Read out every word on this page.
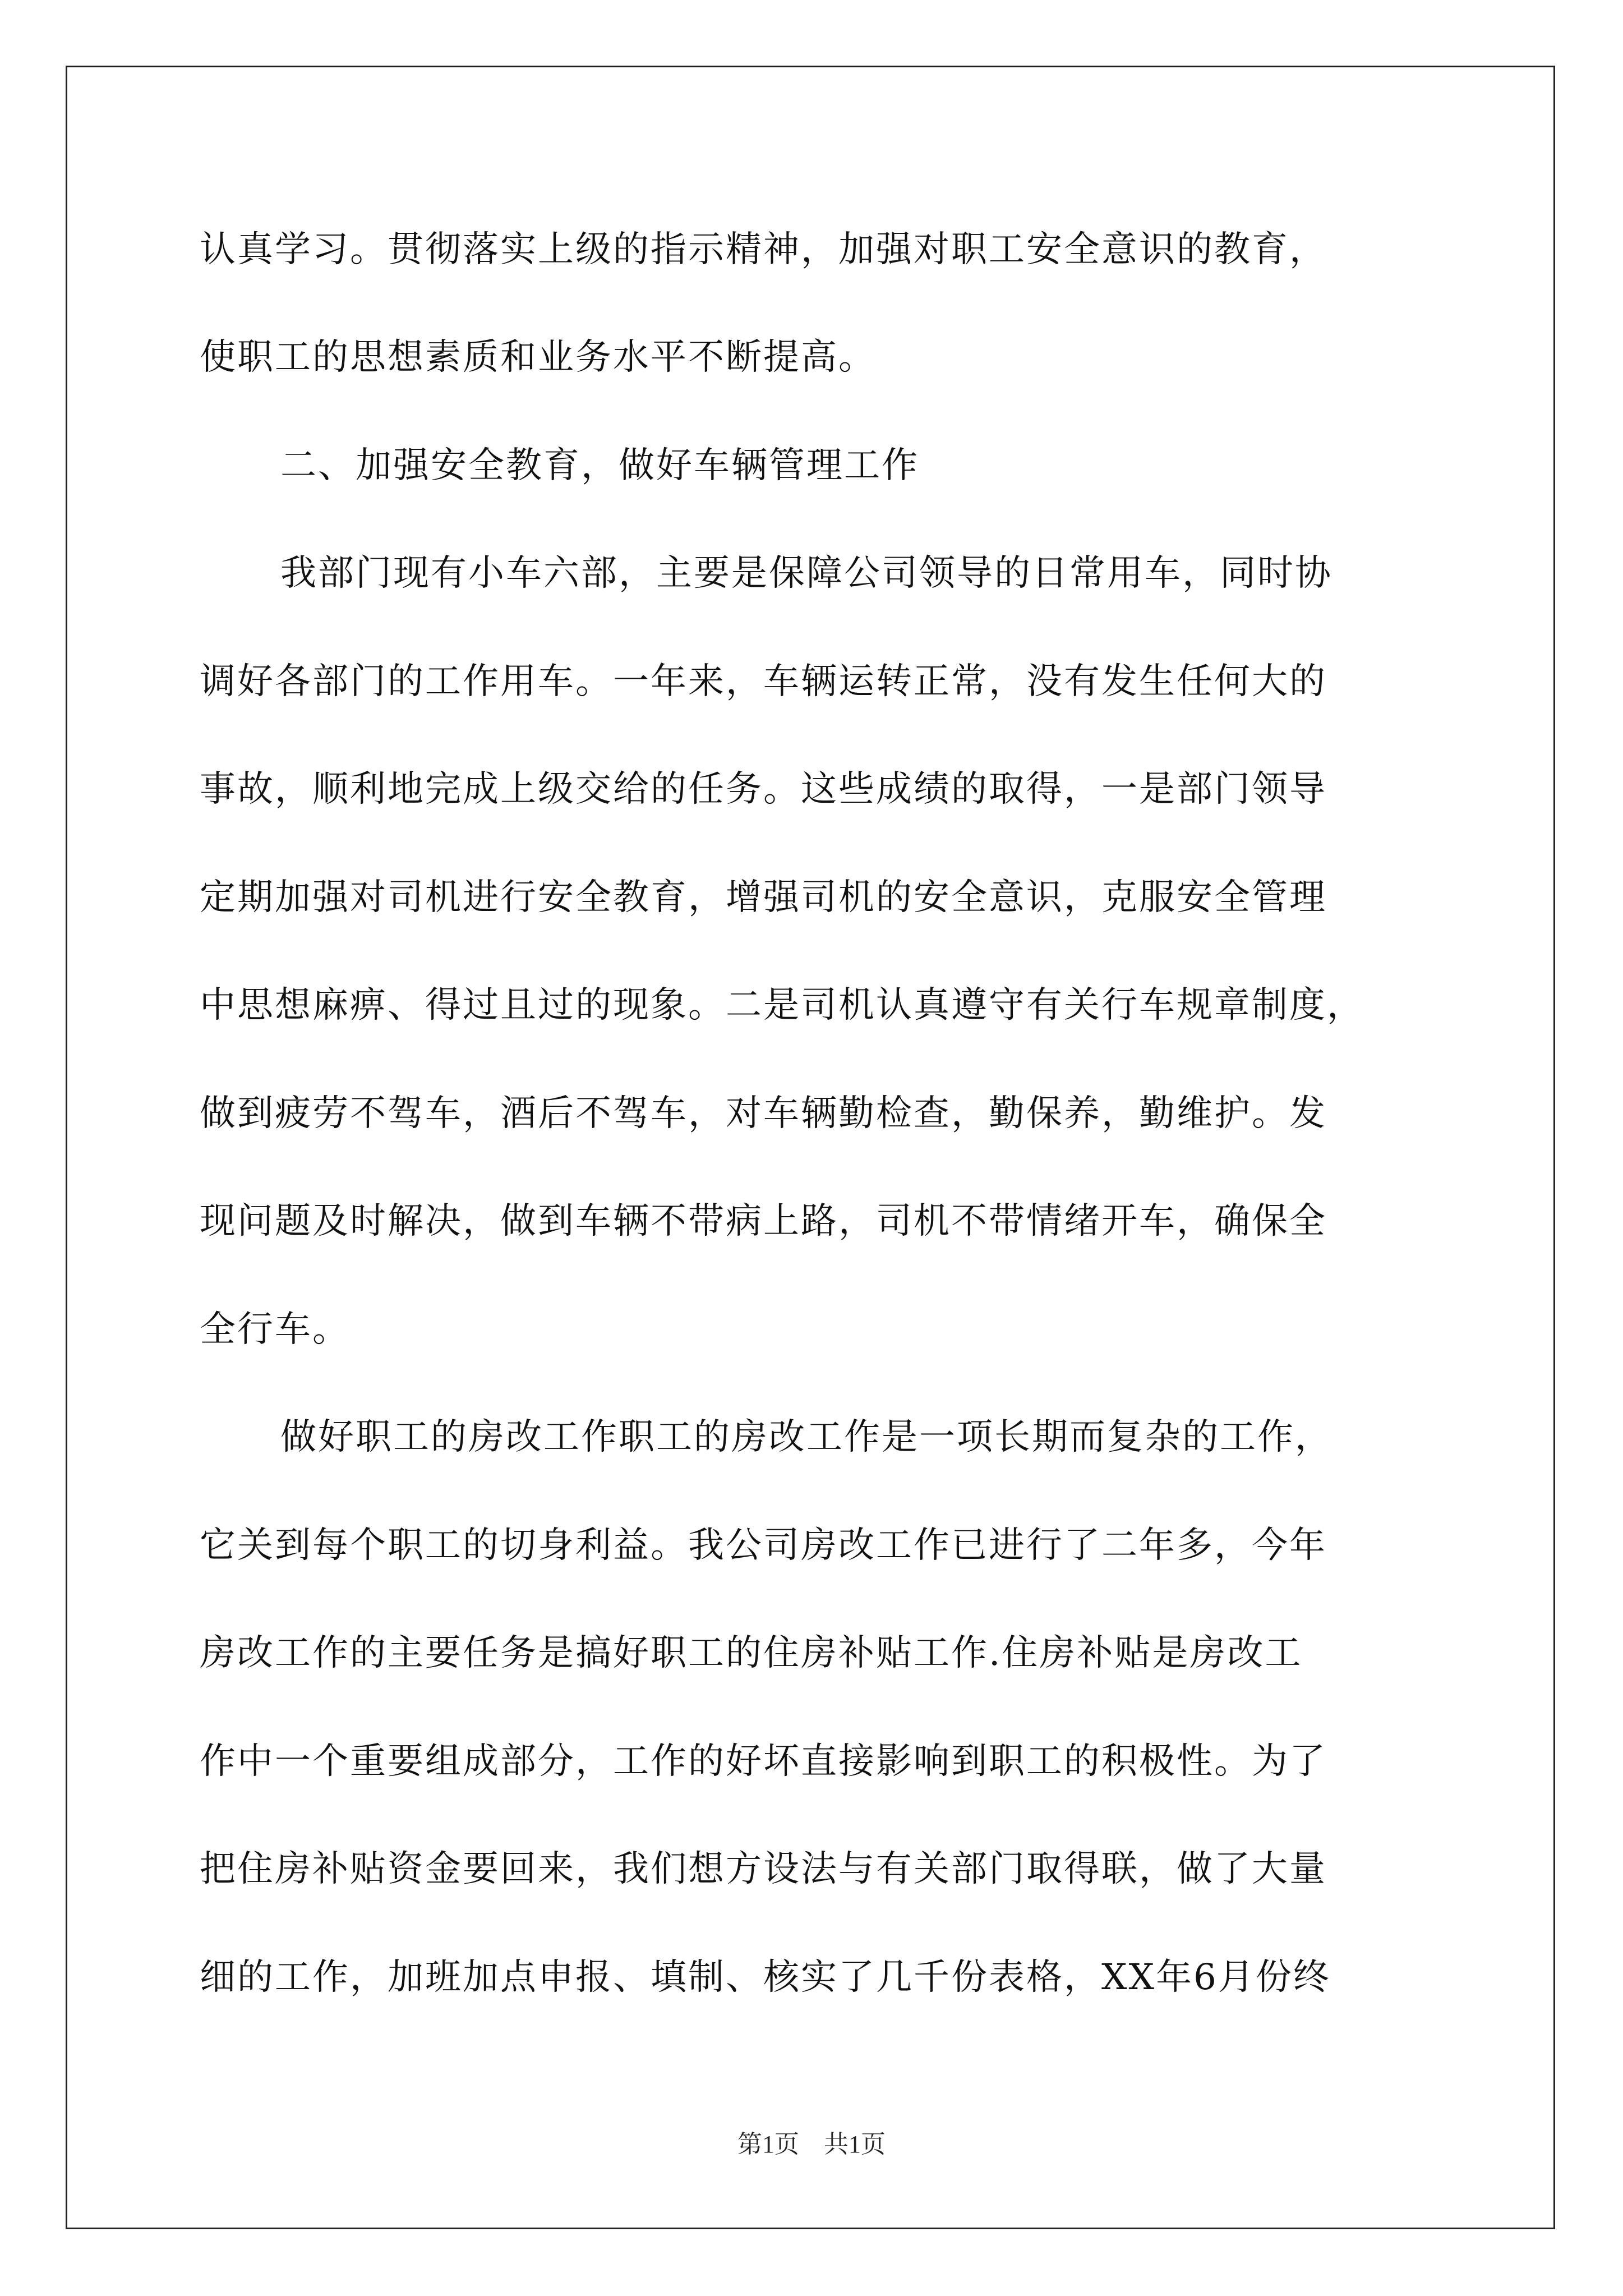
认真学习。贯彻落实上级的指示精神，加强对职工安全意识的教育，

使职工的思想素质和业务水平不断提高。

二、加强安全教育，做好车辆管理工作

我部门现有小车六部，主要是保障公司领导的日常用车，同时协

调好各部门的工作用车。一年来，车辆运转正常，没有发生任何大的

事故，顺利地完成上级交给的任务。这些成绩的取得，一是部门领导

定期加强对司机进行安全教育，增强司机的安全意识，克服安全管理

中思想麻痹、得过且过的现象。二是司机认真遵守有关行车规章制度，

做到疲劳不驾车，酒后不驾车，对车辆勤检查，勤保养，勤维护。发

现问题及时解决，做到车辆不带病上路，司机不带情绪开车，确保全

全行车。

做好职工的房改工作职工的房改工作是一项长期而复杂的工作，

它关到每个职工的切身利益。我公司房改工作已进行了二年多，今年

房改工作的主要任务是搞好职工的住房补贴工作.住房补贴是房改工

作中一个重要组成部分，工作的好坏直接影响到职工的积极性。为了

把住房补贴资金要回来，我们想方设法与有关部门取得联，做了大量

细的工作，加班加点申报、填制、核实了几千份表格，XX年6月份终

第1页 共1页
